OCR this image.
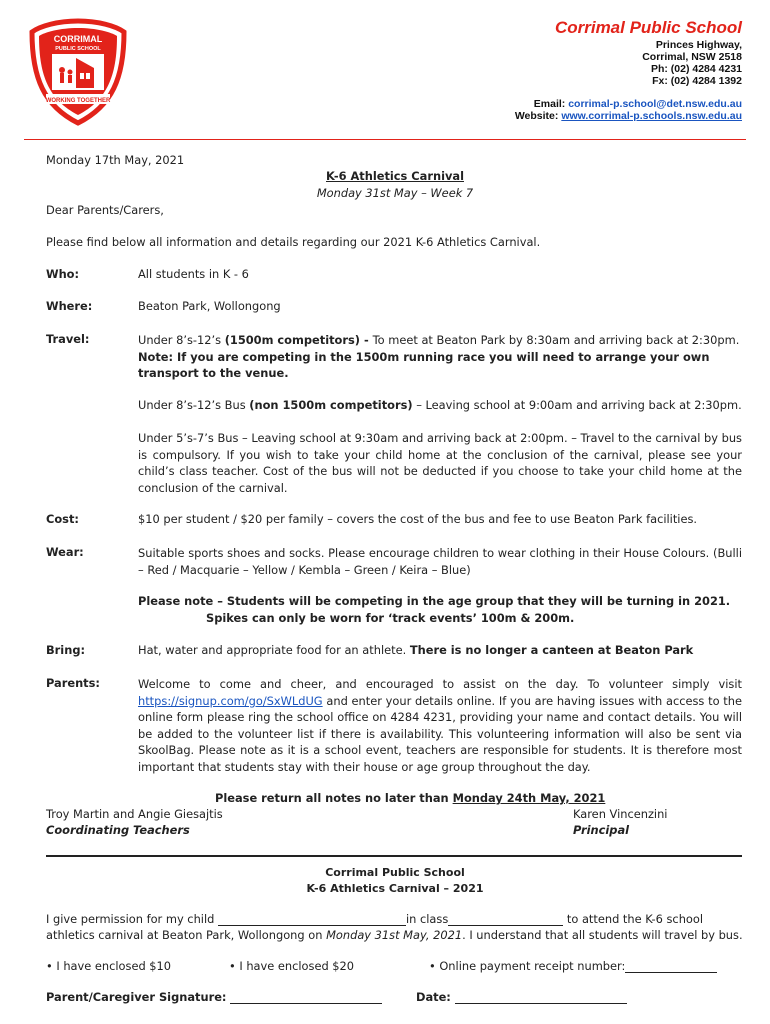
WORKING TOGETHER
CORRIMAL
PUBLIC SCHOOL
Corrimal Public School
Princes Highway,
Corrimal, NSW 2518
Ph: (02) 4284 4231
Fx: (02) 4284 1392
Email: corrimal-p.school@det.nsw.edu.au
Website: www.corrimal-p.schools.nsw.edu.au
Monday 17th May, 2021
K-6 Athletics Carnival
Monday 31st May – Week 7
Dear Parents/Carers,
Please find below all information and details regarding our 2021 K-6 Athletics Carnival.
Who:	All students in K - 6
Where:	Beaton Park, Wollongong
Travel:	Under 8’s-12’s (1500m competitors) - To meet at Beaton Park by 8:30am and arriving back at 2:30pm.
Note: If you are competing in the 1500m running race you will need to arrange your own transport to the venue.
Under 8’s-12’s Bus (non 1500m competitors) – Leaving school at 9:00am and arriving back at 2:30pm.
Under 5’s-7’s Bus – Leaving school at 9:30am and arriving back at 2:00pm. – Travel to the carnival by bus is compulsory. If you wish to take your child home at the conclusion of the carnival, please see your child’s class teacher. Cost of the bus will not be deducted if you choose to take your child home at the conclusion of the carnival.
Cost:	$10 per student / $20 per family – covers the cost of the bus and fee to use Beaton Park facilities.
Wear:	Suitable sports shoes and socks. Please encourage children to wear clothing in their House Colours. (Bulli – Red / Macquarie – Yellow / Kembla – Green / Keira – Blue)
Please note – Students will be competing in the age group that they will be turning in 2021.
Spikes can only be worn for ‘track events’ 100m & 200m.
Bring:	Hat, water and appropriate food for an athlete. There is no longer a canteen at Beaton Park
Parents:	Welcome to come and cheer, and encouraged to assist on the day. To volunteer simply visit https://signup.com/go/SxWLdUG and enter your details online. If you are having issues with access to the online form please ring the school office on 4284 4231, providing your name and contact details. You will be added to the volunteer list if there is availability. This volunteering information will also be sent via SkoolBag. Please note as it is a school event, teachers are responsible for students. It is therefore most important that students stay with their house or age group throughout the day.
Please return all notes no later than Monday 24th May, 2021
Troy Martin and Angie Giesajtis
Coordinating Teachers
Karen Vincenzini
Principal
Corrimal Public School
K-6 Athletics Carnival – 2021
I give permission for my child	in class	to attend the K-6 school
athletics carnival at Beaton Park, Wollongong on Monday 31st May, 2021. I understand that all students will travel by bus.
• I have enclosed $10	• I have enclosed $20	• Online payment receipt number:
Parent/Caregiver Signature:	Date:
